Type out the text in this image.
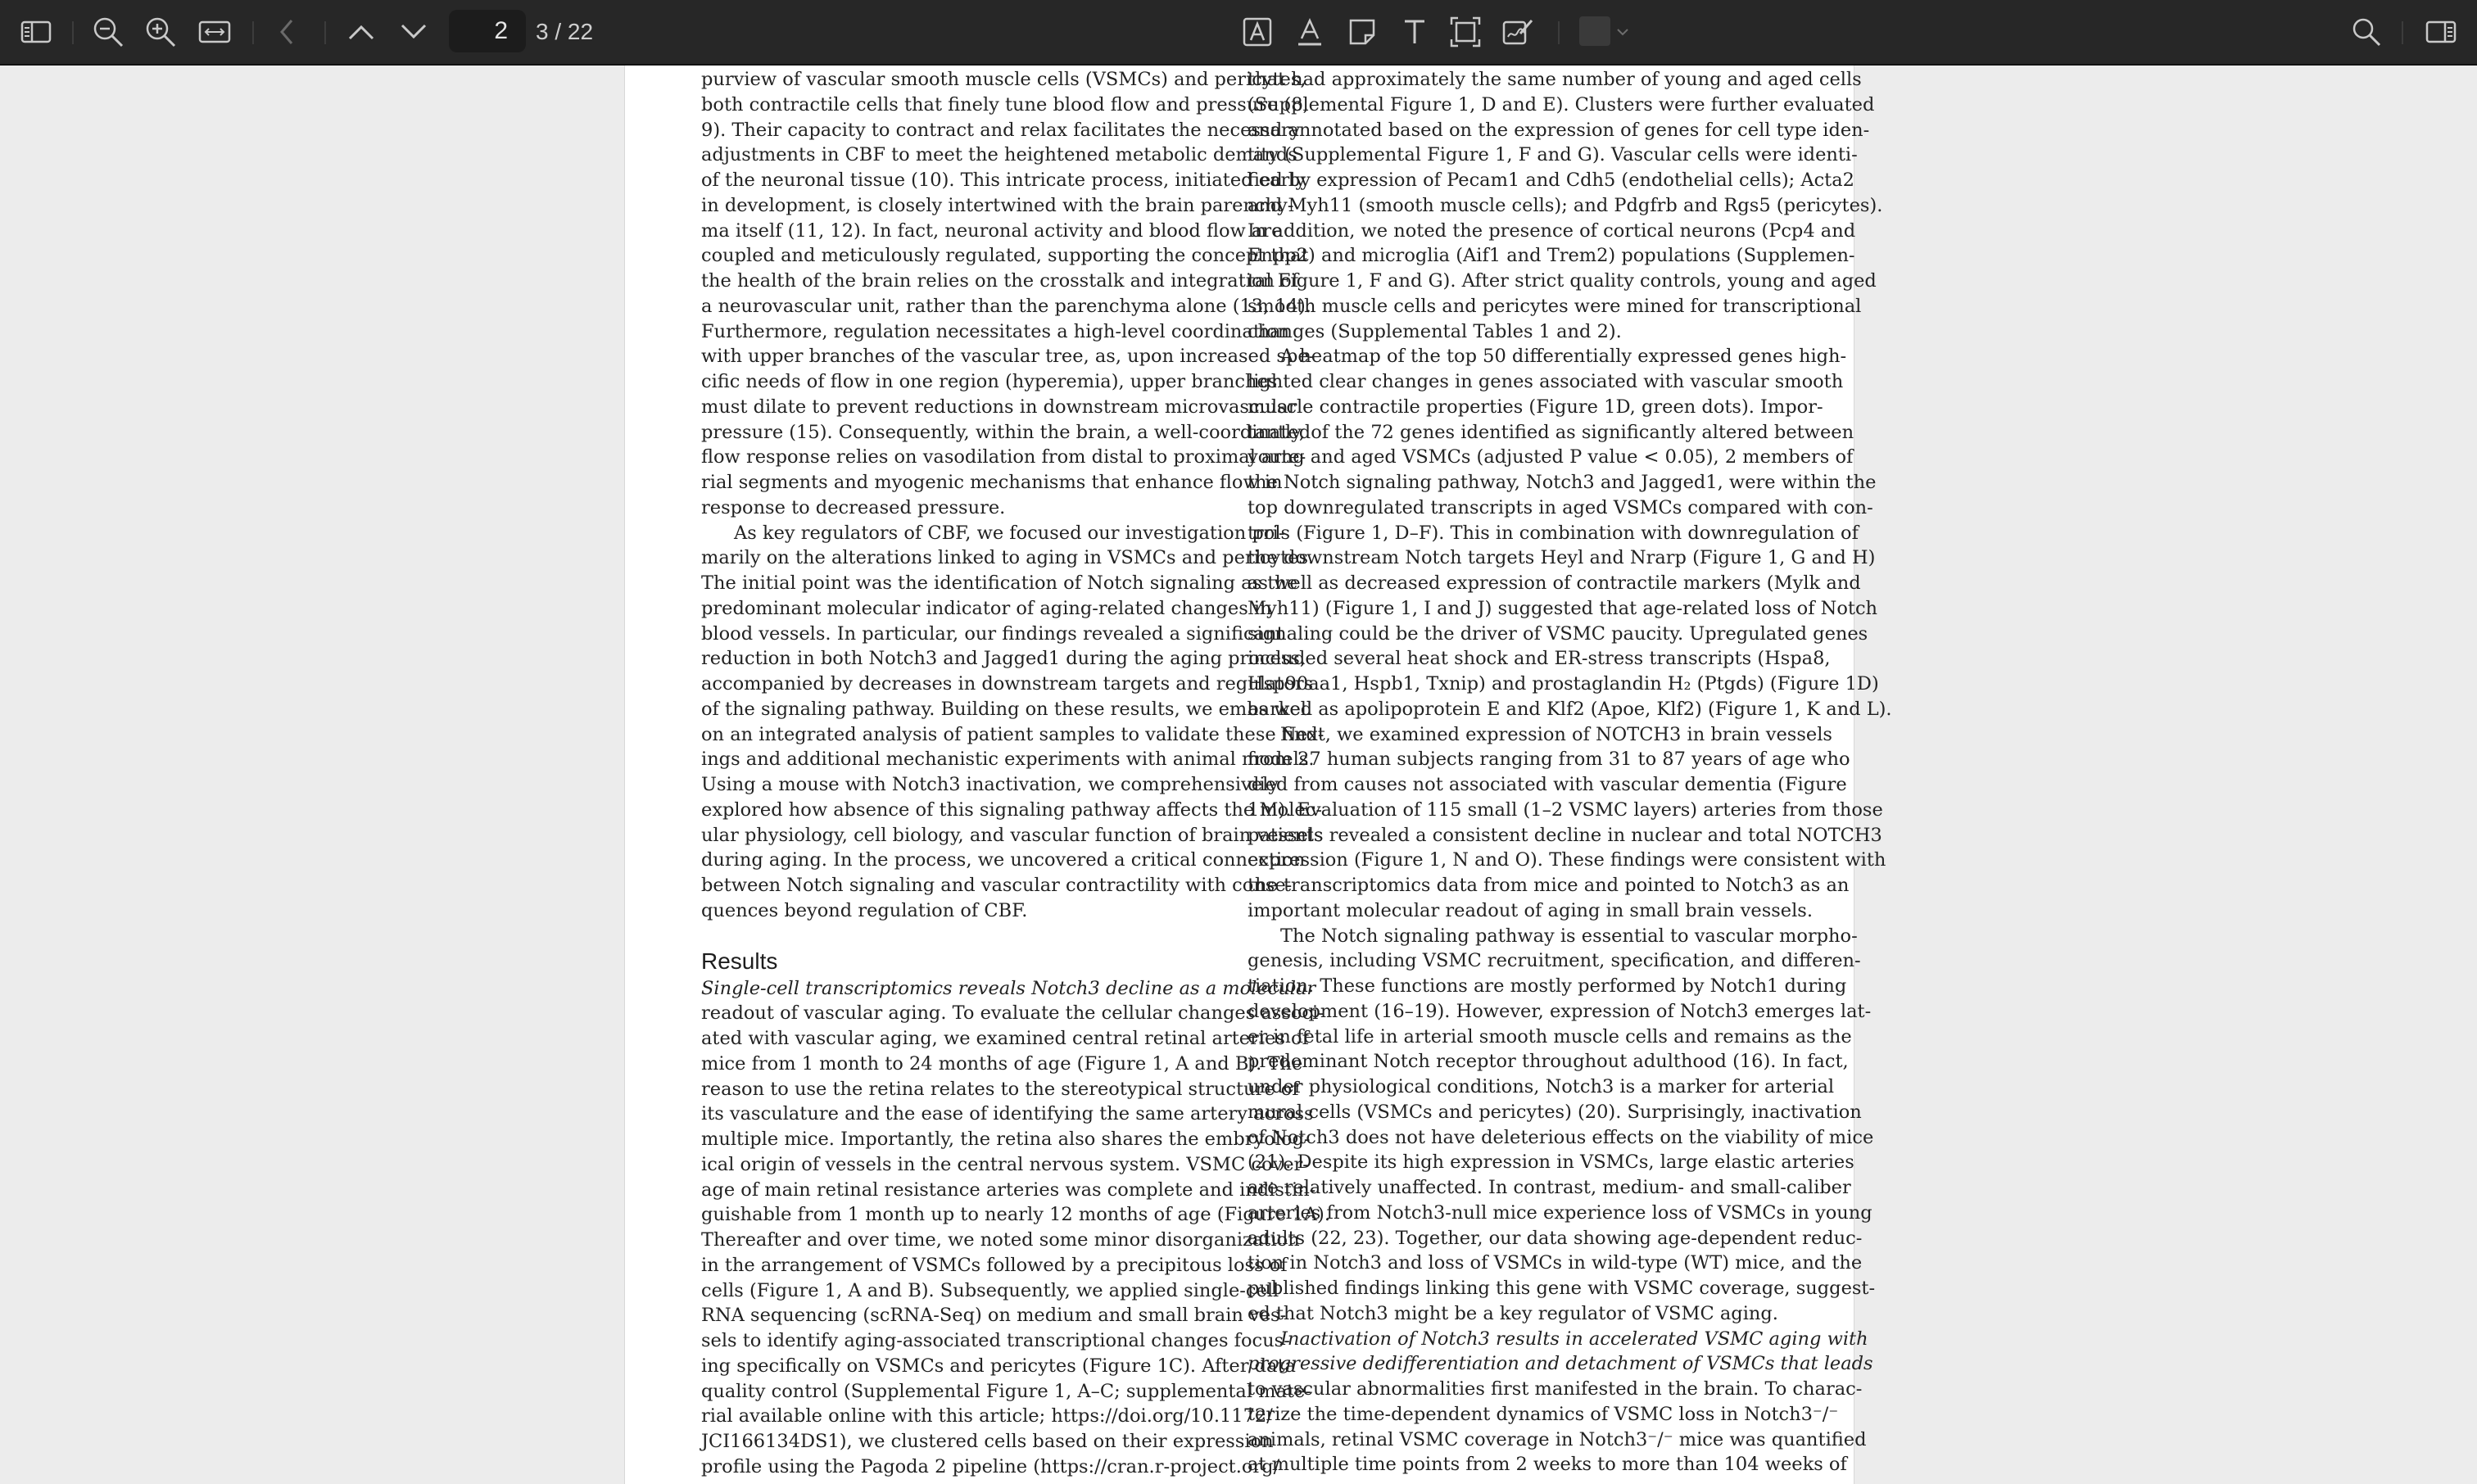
2	3 / 22
purview of vascular smooth muscle cells (VSMCs) and pericytes,
both contractile cells that finely tune blood flow and pressure (8,
9). Their capacity to contract and relax facilitates the necessary
adjustments in CBF to meet the heightened metabolic demands
of the neuronal tissue (10). This intricate process, initiated early
in development, is closely intertwined with the brain parenchy-
ma itself (11, 12). In fact, neuronal activity and blood flow are
coupled and meticulously regulated, supporting the concept that
the health of the brain relies on the crosstalk and integration of
a neurovascular unit, rather than the parenchyma alone (13, 14).
Furthermore, regulation necessitates a high-level coordination
with upper branches of the vascular tree, as, upon increased spe-
cific needs of flow in one region (hyperemia), upper branches
must dilate to prevent reductions in downstream microvascular
pressure (15). Consequently, within the brain, a well-coordinated
flow response relies on vasodilation from distal to proximal arte-
rial segments and myogenic mechanisms that enhance flow in
response to decreased pressure.
As key regulators of CBF, we focused our investigation pri-
marily on the alterations linked to aging in VSMCs and pericytes.
The initial point was the identification of Notch signaling as the
predominant molecular indicator of aging-related changes in
blood vessels. In particular, our findings revealed a significant
reduction in both Notch3 and Jagged1 during the aging process,
accompanied by decreases in downstream targets and regulators
of the signaling pathway. Building on these results, we embarked
on an integrated analysis of patient samples to validate these find-
ings and additional mechanistic experiments with animal models.
Using a mouse with Notch3 inactivation, we comprehensively
explored how absence of this signaling pathway affects the molec-
ular physiology, cell biology, and vascular function of brain vessels
during aging. In the process, we uncovered a critical connection
between Notch signaling and vascular contractility with conse-
quences beyond regulation of CBF.
Results
Single-cell transcriptomics reveals Notch3 decline as a molecular
readout of vascular aging. To evaluate the cellular changes associ-
ated with vascular aging, we examined central retinal arteries of
mice from 1 month to 24 months of age (Figure 1, A and B). The
reason to use the retina relates to the stereotypical structure of
its vasculature and the ease of identifying the same artery across
multiple mice. Importantly, the retina also shares the embryolog-
ical origin of vessels in the central nervous system. VSMC cover-
age of main retinal resistance arteries was complete and indistin-
guishable from 1 month up to nearly 12 months of age (Figure 1A).
Thereafter and over time, we noted some minor disorganization
in the arrangement of VSMCs followed by a precipitous loss of
cells (Figure 1, A and B). Subsequently, we applied single-cell
RNA sequencing (scRNA-Seq) on medium and small brain ves-
sels to identify aging-associated transcriptional changes focus-
ing specifically on VSMCs and pericytes (Figure 1C). After data
quality control (Supplemental Figure 1, A–C; supplemental mate-
rial available online with this article; https://doi.org/10.1172/
JCI166134DS1), we clustered cells based on their expression
profile using the Pagoda 2 pipeline (https://cran.r-project.org/
that had approximately the same number of young and aged cells
(Supplemental Figure 1, D and E). Clusters were further evaluated
and annotated based on the expression of genes for cell type iden-
tity (Supplemental Figure 1, F and G). Vascular cells were identi-
fied by expression of Pecam1 and Cdh5 (endothelial cells); Acta2
and Myh11 (smooth muscle cells); and Pdgfrb and Rgs5 (pericytes).
In addition, we noted the presence of cortical neurons (Pcp4 and
Enpp2) and microglia (Aif1 and Trem2) populations (Supplemen-
tal Figure 1, F and G). After strict quality controls, young and aged
smooth muscle cells and pericytes were mined for transcriptional
changes (Supplemental Tables 1 and 2).
A heatmap of the top 50 differentially expressed genes high-
lighted clear changes in genes associated with vascular smooth
muscle contractile properties (Figure 1D, green dots). Impor-
tantly, of the 72 genes identified as significantly altered between
young and aged VSMCs (adjusted P value < 0.05), 2 members of
the Notch signaling pathway, Notch3 and Jagged1, were within the
top downregulated transcripts in aged VSMCs compared with con-
trols (Figure 1, D–F). This in combination with downregulation of
the downstream Notch targets Heyl and Nrarp (Figure 1, G and H)
as well as decreased expression of contractile markers (Mylk and
Myh11) (Figure 1, I and J) suggested that age-related loss of Notch
signaling could be the driver of VSMC paucity. Upregulated genes
included several heat shock and ER-stress transcripts (Hspa8,
Hsp90aa1, Hspb1, Txnip) and prostaglandin H₂ (Ptgds) (Figure 1D)
as well as apolipoprotein E and Klf2 (Apoe, Klf2) (Figure 1, K and L).
Next, we examined expression of NOTCH3 in brain vessels
from 27 human subjects ranging from 31 to 87 years of age who
died from causes not associated with vascular dementia (Figure
1M). Evaluation of 115 small (1–2 VSMC layers) arteries from those
patients revealed a consistent decline in nuclear and total NOTCH3
expression (Figure 1, N and O). These findings were consistent with
the transcriptomics data from mice and pointed to Notch3 as an
important molecular readout of aging in small brain vessels.
The Notch signaling pathway is essential to vascular morpho-
genesis, including VSMC recruitment, specification, and differen-
tiation. These functions are mostly performed by Notch1 during
development (16–19). However, expression of Notch3 emerges lat-
er in fetal life in arterial smooth muscle cells and remains as the
predominant Notch receptor throughout adulthood (16). In fact,
under physiological conditions, Notch3 is a marker for arterial
mural cells (VSMCs and pericytes) (20). Surprisingly, inactivation
of Notch3 does not have deleterious effects on the viability of mice
(21). Despite its high expression in VSMCs, large elastic arteries
are relatively unaffected. In contrast, medium- and small-caliber
arteries from Notch3-null mice experience loss of VSMCs in young
adults (22, 23). Together, our data showing age-dependent reduc-
tion in Notch3 and loss of VSMCs in wild-type (WT) mice, and the
published findings linking this gene with VSMC coverage, suggest-
ed that Notch3 might be a key regulator of VSMC aging.
Inactivation of Notch3 results in accelerated VSMC aging with
progressive dedifferentiation and detachment of VSMCs that leads
to vascular abnormalities first manifested in the brain. To charac-
terize the time-dependent dynamics of VSMC loss in Notch3⁻/⁻
animals, retinal VSMC coverage in Notch3⁻/⁻ mice was quantified
at multiple time points from 2 weeks to more than 104 weeks of
